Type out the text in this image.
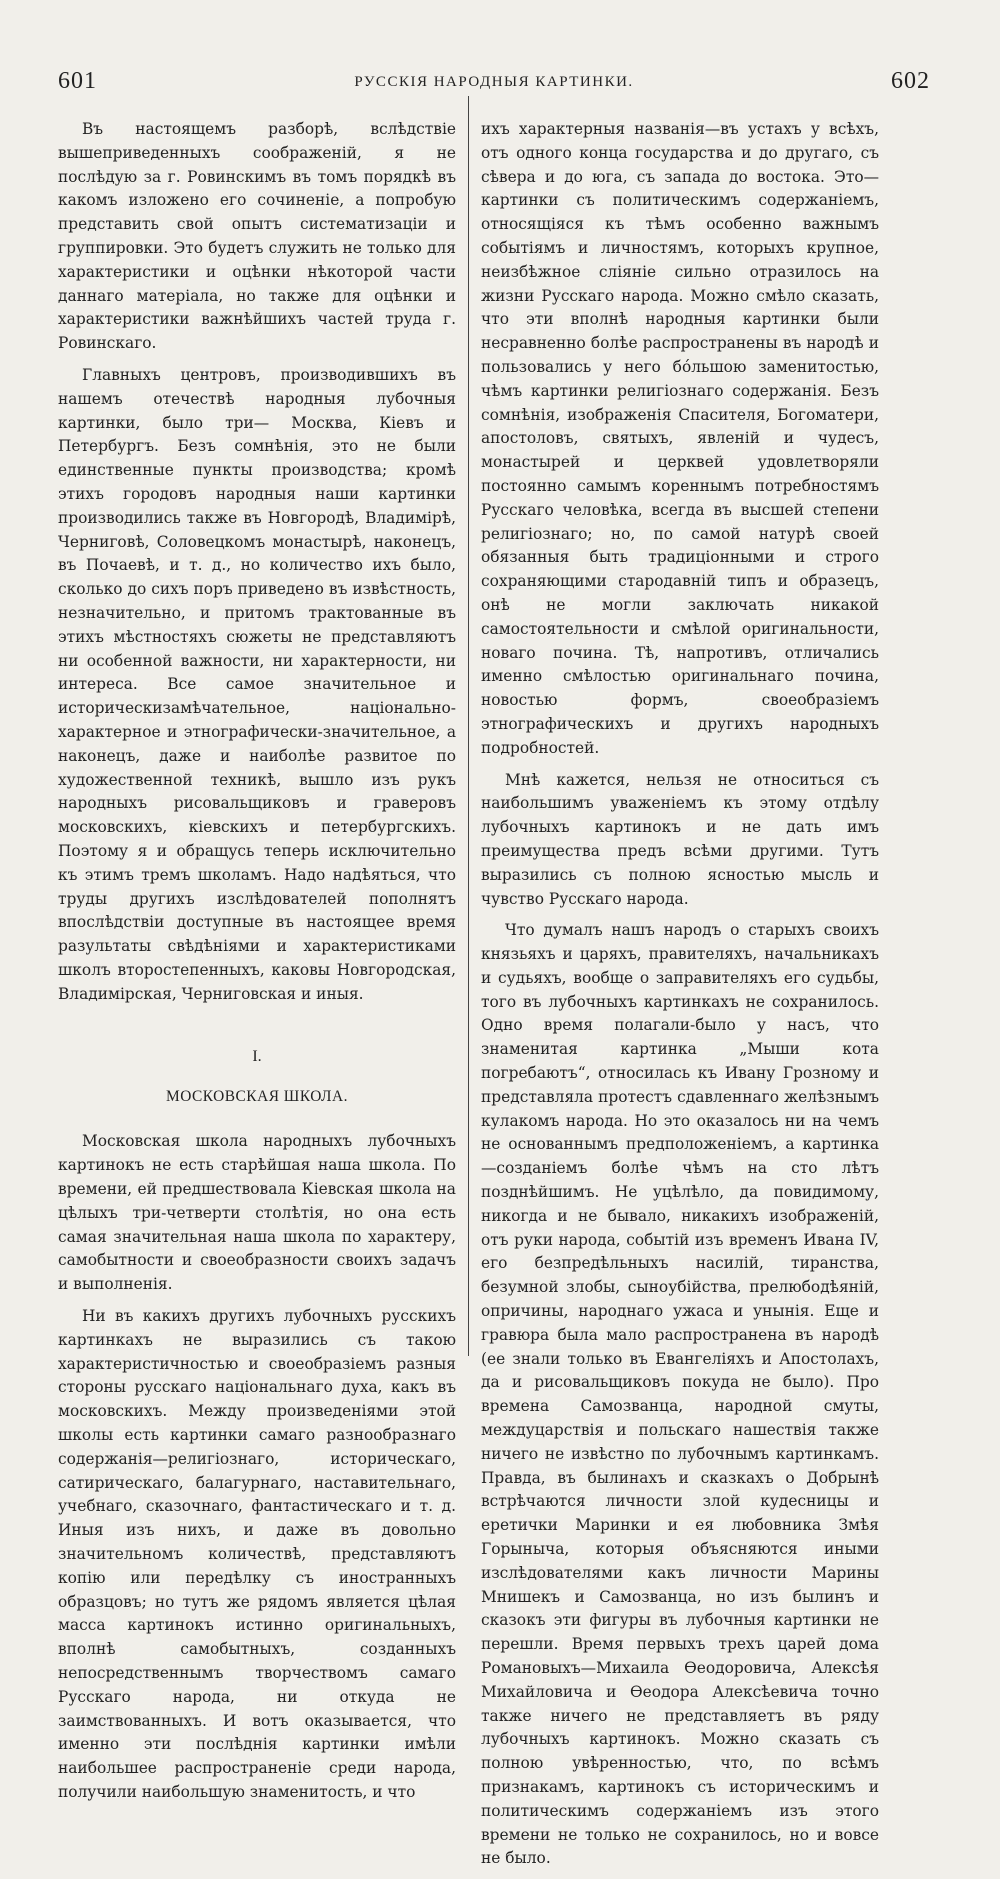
601	РУССКІЯ НАРОДНЫЯ КАРТИНКИ.	602

Въ настоящемъ разборѣ, вслѣдствіе вышеприведенныхъ соображеній, я не послѣдую за г. Ровинскимъ въ томъ порядкѣ въ какомъ изложено его сочиненіе, а попробую представить свой опытъ систематизаціи и группировки. Это будетъ служить не только для характеристики и оцѣнки нѣкоторой части даннаго матеріала, но также для оцѣнки и характеристики важнѣйшихъ частей труда г. Ровинскаго.

Главныхъ центровъ, производившихъ въ нашемъ отечествѣ народныя лубочныя картинки, было три— Москва, Кіевъ и Петербургъ. Безъ сомнѣнія, это не были единственные пункты производства; кромѣ этихъ городовъ народныя наши картинки производились также въ Новгородѣ, Владимірѣ, Черниговѣ, Соловецкомъ монастырѣ, наконецъ, въ Почаевѣ, и т. д., но количество ихъ было, сколько до сихъ поръ приведено въ извѣстность, незначительно, и притомъ трактованные въ этихъ мѣстностяхъ сюжеты не представляютъ ни особенной важности, ни характерности, ни интереса. Все самое значительное и историческизамѣчательное, національно-характерное и этнографически-значительное, а наконецъ, даже и наиболѣе развитое по художественной техникѣ, вышло изъ рукъ народныхъ рисовальщиковъ и граверовъ московскихъ, кіевскихъ и петербургскихъ. Поэтому я и обращусь теперь исключительно къ этимъ тремъ школамъ. Надо надѣяться, что труды другихъ изслѣдователей пополнятъ впослѣдствіи доступные въ настоящее время разультаты свѣдѣніями и характеристиками школъ второстепенныхъ, каковы Новгородская, Владимірская, Черниговская и иныя.

I.
МОСКОВСКАЯ ШКОЛА.

Московская школа народныхъ лубочныхъ картинокъ не есть старѣйшая наша школа. По времени, ей предшествовала Кіевская школа на цѣлыхъ три-четверти столѣтія, но она есть самая значительная наша школа по характеру, самобытности и своеобразности своихъ задачъ и выполненія.

Ни въ какихъ другихъ лубочныхъ русскихъ картинкахъ не выразились съ такою характеристичностью и своеобразіемъ разныя стороны русскаго національнаго духа, какъ въ московскихъ. Между произведеніями этой школы есть картинки самаго разнообразнаго содержанія—религіознаго, историческаго, сатирическаго, балагурнаго, наставительнаго, учебнаго, сказочнаго, фантастическаго и т. д. Иныя изъ нихъ, и даже въ довольно значительномъ количествѣ, представляютъ копію или передѣлку съ иностранныхъ образцовъ; но тутъ же рядомъ является цѣлая масса картинокъ истинно оригинальныхъ, вполнѣ самобытныхъ, созданныхъ непосредственнымъ творчествомъ самаго Русскаго народа, ни откуда не заимствованныхъ. И вотъ оказывается, что именно эти послѣднія картинки имѣли наибольшее распространеніе среди народа, получили наибольшую знаменитость, и что

ихъ характерныя названія—въ устахъ у всѣхъ, отъ одного конца государства и до другаго, съ сѣвера и до юга, съ запада до востока. Это—картинки съ политическимъ содержаніемъ, относящіяся къ тѣмъ особенно важнымъ событіямъ и личностямъ, которыхъ крупное, неизбѣжное сліяніе сильно отразилось на жизни Русскаго народа. Можно смѣло сказать, что эти вполнѣ народныя картинки были несравненно болѣе распространены въ народѣ и пользовались у него бóльшою заменитостью, чѣмъ картинки религіознаго содержанія. Безъ сомнѣнія, изображенія Спасителя, Богоматери, апостоловъ, святыхъ, явленій и чудесъ, монастырей и церквей удовлетворяли постоянно самымъ кореннымъ потребностямъ Русскаго человѣка, всегда въ высшей степени религіознаго; но, по самой натурѣ своей обязанныя быть традиціонными и строго сохраняющими стародавній типъ и образецъ, онѣ не могли заключать никакой самостоятельности и смѣлой оригинальности, новаго почина. Тѣ, напротивъ, отличались именно смѣлостью оригинальнаго почина, новостью формъ, своеобразіемъ этнографическихъ и другихъ народныхъ подробностей.

Мнѣ кажется, нельзя не относиться съ наибольшимъ уваженіемъ къ этому отдѣлу лубочныхъ картинокъ и не дать имъ преимущества предъ всѣми другими. Тутъ выразились съ полною ясностью мысль и чувство Русскаго народа.

Что думалъ нашъ народъ о старыхъ своихъ князьяхъ и царяхъ, правителяхъ, начальникахъ и судьяхъ, вообще о заправителяхъ его судьбы, того въ лубочныхъ картинкахъ не сохранилось. Одно время полагали-было у насъ, что знаменитая картинка „Мыши кота погребаютъ“, относилась къ Ивану Грозному и представляла протестъ сдавленнаго желѣзнымъ кулакомъ народа. Но это оказалось ни на чемъ не основаннымъ предположеніемъ, а картинка—созданіемъ болѣе чѣмъ на сто лѣтъ позднѣйшимъ. Не уцѣлѣло, да повидимому, никогда и не бывало, никакихъ изображеній, отъ руки народа, событій изъ временъ Ивана IV, его безпредѣльныхъ насилій, тиранства, безумной злобы, сыноубійства, прелюбодѣяній, опричины, народнаго ужаса и унынія. Еще и гравюра была мало распространена въ народѣ (ее знали только въ Евангеліяхъ и Апостолахъ, да и рисовальщиковъ покуда не было). Про времена Самозванца, народной смуты, междуцарствія и польскаго нашествія также ничего не извѣстно по лубочнымъ картинкамъ. Правда, въ былинахъ и сказкахъ о Добрынѣ встрѣчаются личности злой кудесницы и еретички Маринки и ея любовника Змѣя Горыныча, которыя объясняются иными изслѣдователями какъ личности Марины Мнишекъ и Самозванца, но изъ былинъ и сказокъ эти фигуры въ лубочныя картинки не перешли. Время первыхъ трехъ царей дома Романовыхъ—Михаила Ѳеодоровича, Алексѣя Михайловича и Ѳеодора Алексѣевича точно также ничего не представляетъ въ ряду лубочныхъ картинокъ. Можно сказать съ полною увѣренностью, что, по всѣмъ признакамъ, картинокъ съ историческимъ и политическимъ содержаніемъ изъ этого времени не только не сохранилось, но и вовсе не было.
